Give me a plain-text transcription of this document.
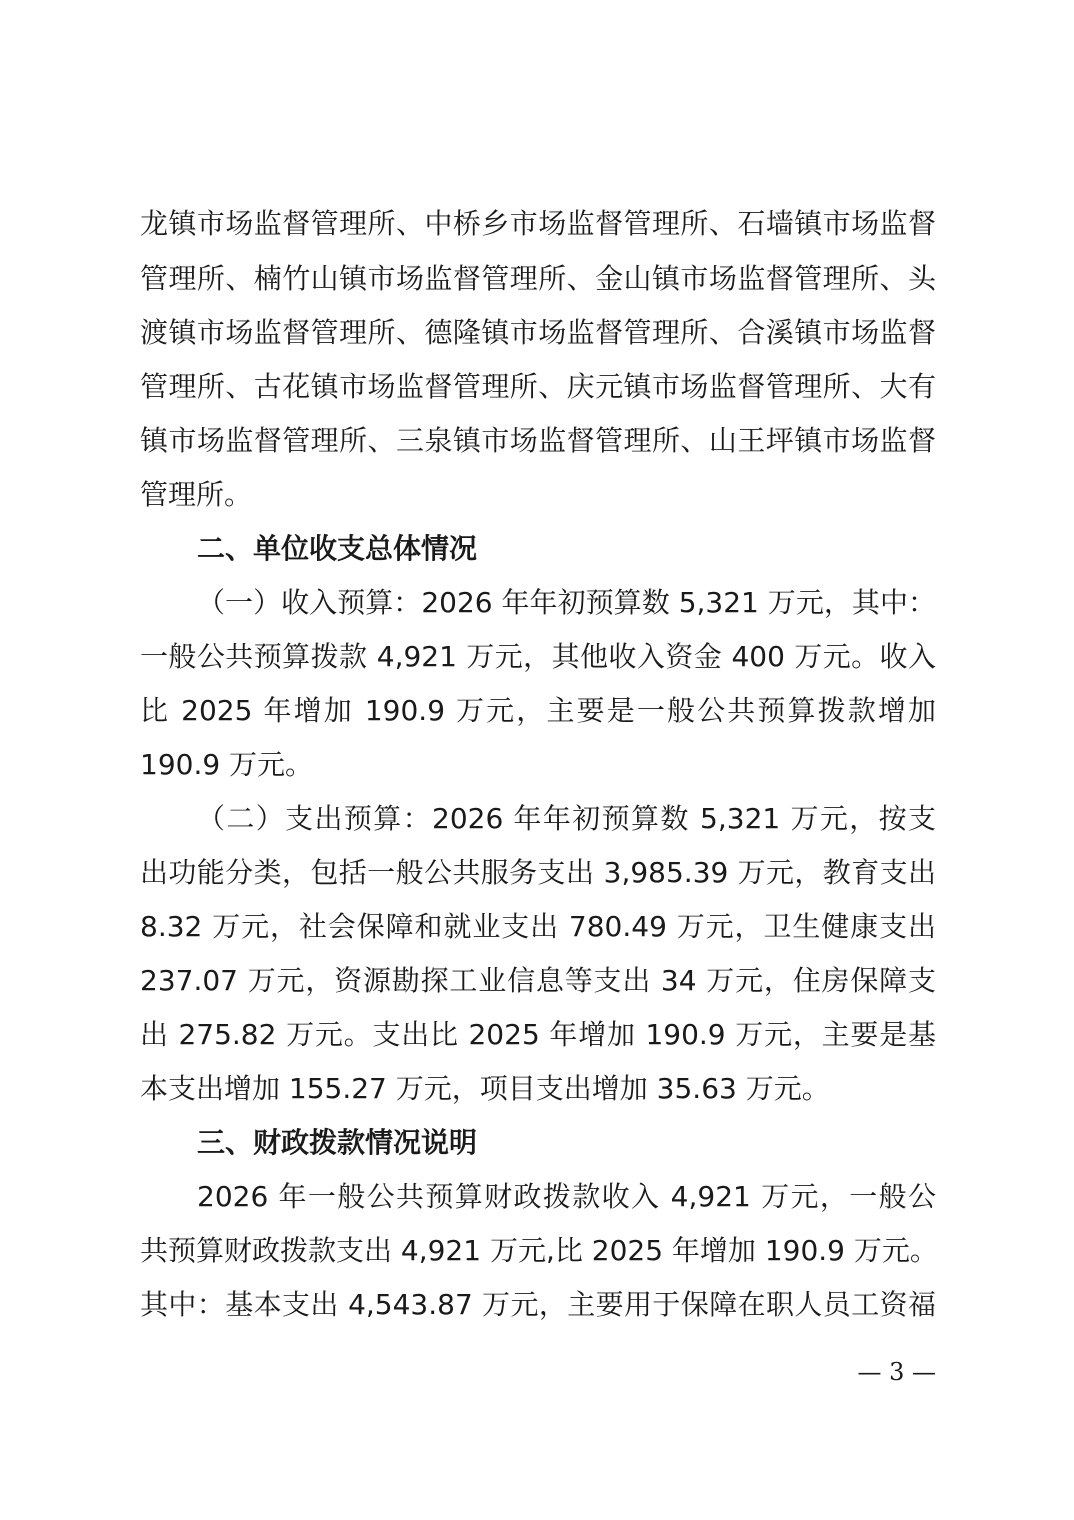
龙镇市场监督管理所、中桥乡市场监督管理所、石墙镇市场监督
管理所、楠竹山镇市场监督管理所、金山镇市场监督管理所、头
渡镇市场监督管理所、德隆镇市场监督管理所、合溪镇市场监督
管理所、古花镇市场监督管理所、庆元镇市场监督管理所、大有
镇市场监督管理所、三泉镇市场监督管理所、山王坪镇市场监督
管理所。
二、单位收支总体情况
（一）收入预算：2026 年年初预算数 5,321 万元，其中：
一般公共预算拨款 4,921 万元，其他收入资金 400 万元。收入
比 2025 年增加 190.9 万元，主要是一般公共预算拨款增加
190.9 万元。
（二）支出预算：2026 年年初预算数 5,321 万元，按支
出功能分类，包括一般公共服务支出 3,985.39 万元，教育支出
8.32 万元，社会保障和就业支出 780.49 万元，卫生健康支出
237.07 万元，资源勘探工业信息等支出 34 万元，住房保障支
出 275.82 万元。支出比 2025 年增加 190.9 万元，主要是基
本支出增加 155.27 万元，项目支出增加 35.63 万元。
三、财政拨款情况说明
2026 年一般公共预算财政拨款收入 4,921 万元，一般公
共预算财政拨款支出 4,921 万元,比 2025 年增加 190.9 万元。
其中：基本支出 4,543.87 万元，主要用于保障在职人员工资福
— 3 —
